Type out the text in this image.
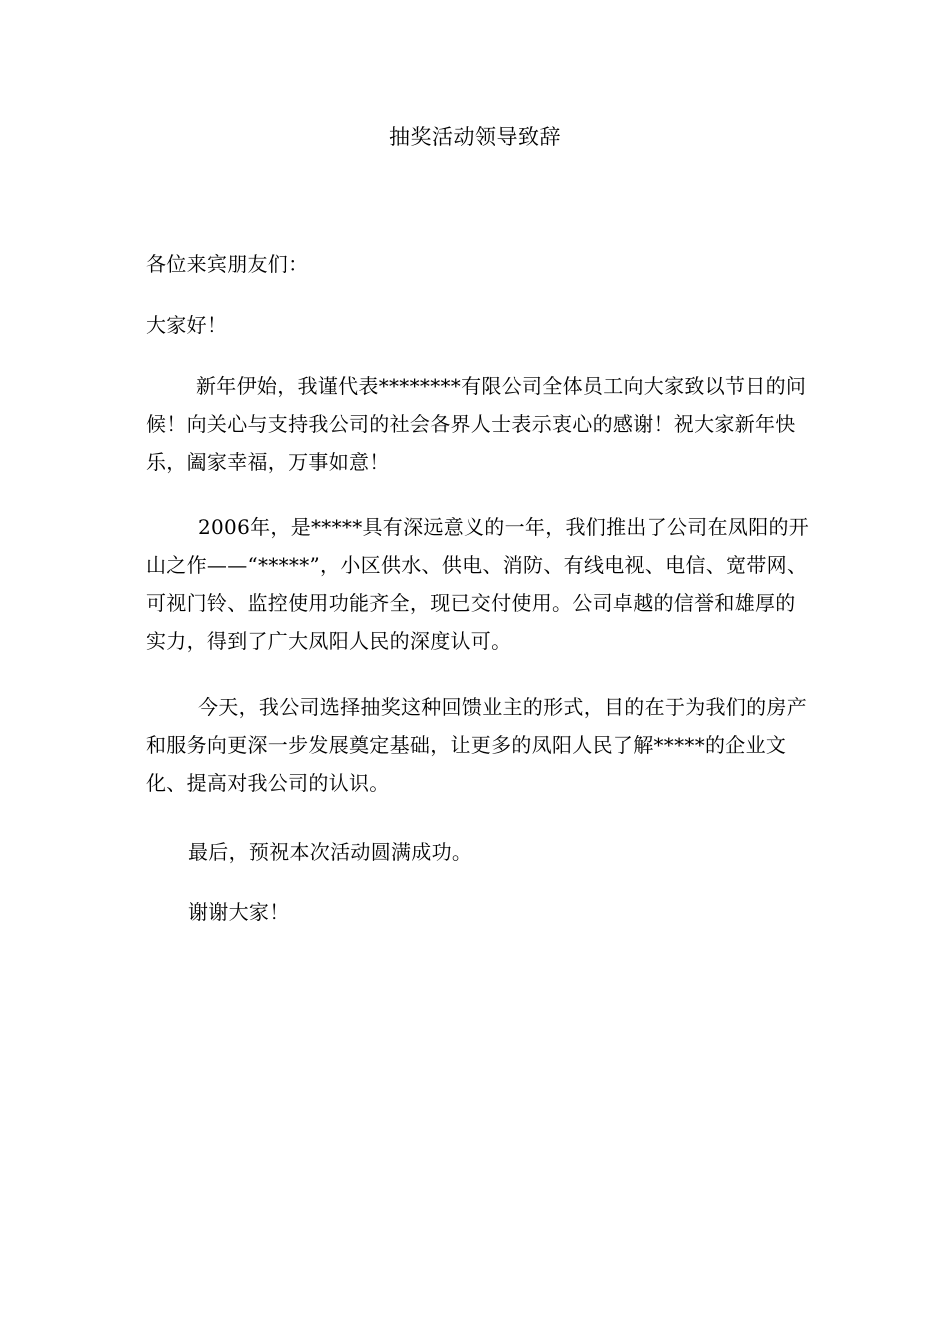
抽奖活动领导致辞
各位来宾朋友们：
大家好！

新年伊始，我谨代表********有限公司全体员工向大家致以节日的问候！向关心与支持我公司的社会各界人士表示衷心的感谢！祝大家新年快乐，阖家幸福，万事如意！

2006年，是*****具有深远意义的一年，我们推出了公司在凤阳的开山之作——“*****”，小区供水、供电、消防、有线电视、电信、宽带网、可视门铃、监控使用功能齐全，现已交付使用。公司卓越的信誉和雄厚的实力，得到了广大凤阳人民的深度认可。

今天，我公司选择抽奖这种回馈业主的形式，目的在于为我们的房产和服务向更深一步发展奠定基础，让更多的凤阳人民了解*****的企业文化、提高对我公司的认识。

最后，预祝本次活动圆满成功。
谢谢大家！
